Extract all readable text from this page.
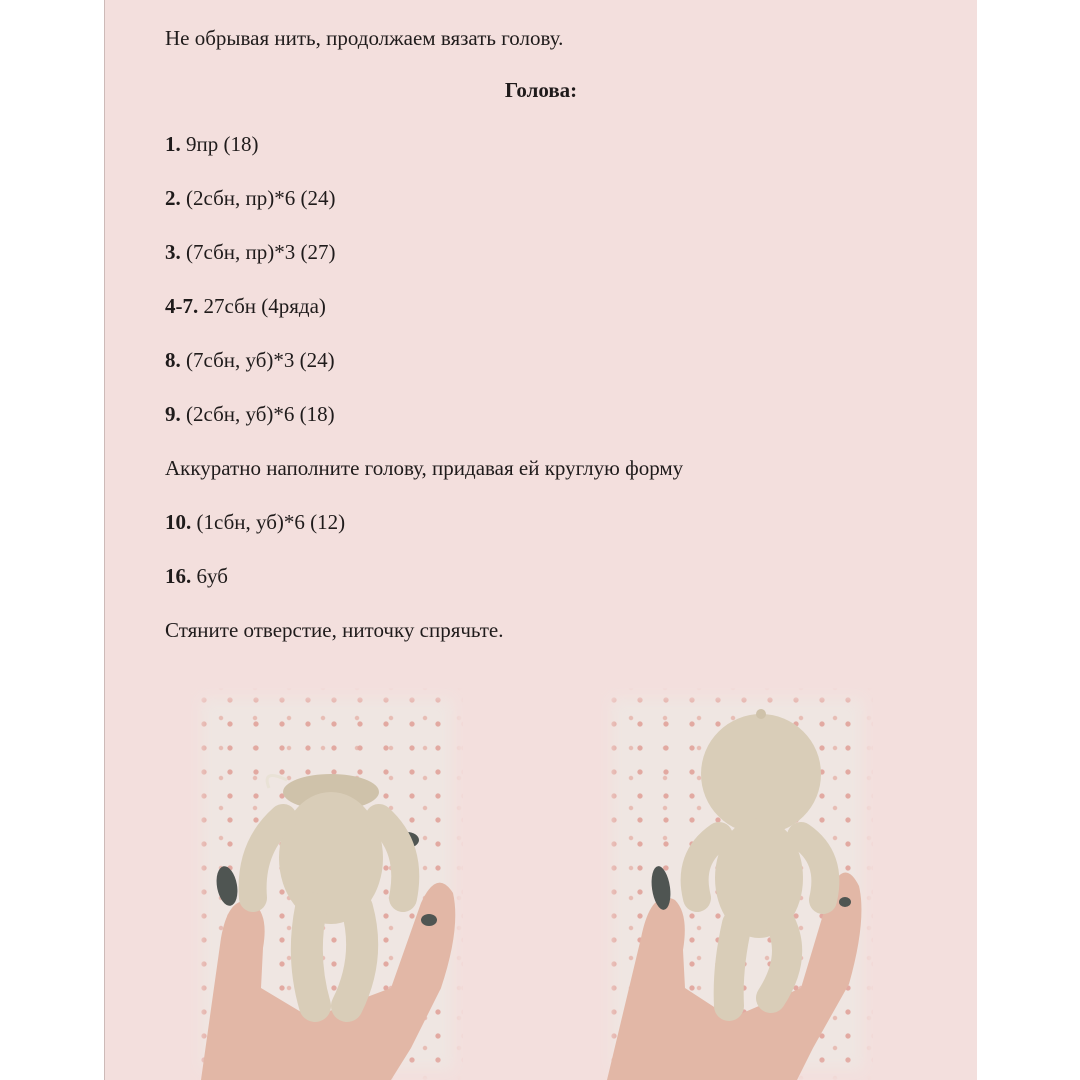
Не обрывая нить, продолжаем вязать голову.

Голова:

1. 9пр (18)

2. (2сбн, пр)*6 (24)

3. (7сбн, пр)*3 (27)

4-7. 27сбн (4ряда)

8. (7сбн, уб)*3 (24)

9. (2сбн, уб)*6 (18)

Аккуратно наполните голову, придавая ей круглую форму

10. (1сбн, уб)*6 (12)

16. 6уб

Стяните отверстие, ниточку спрячьте.
